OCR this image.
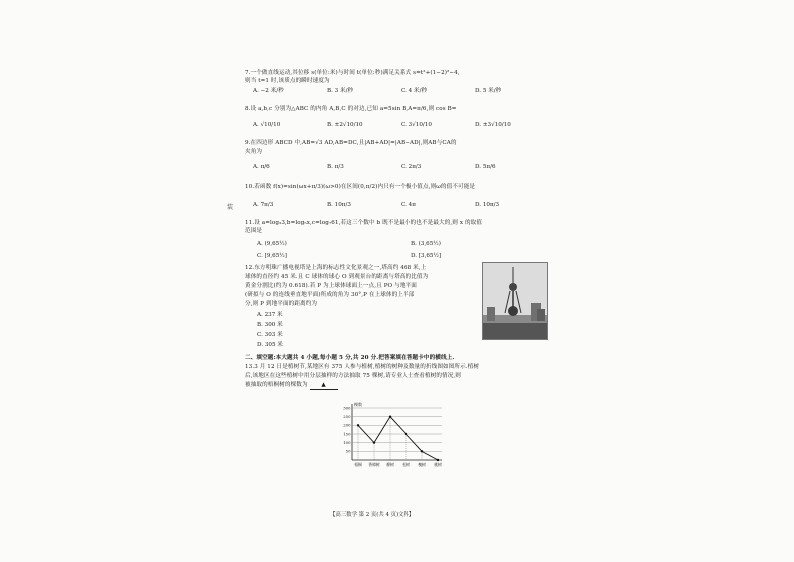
装
7.一个做直线运动,其位移 s(单位:米)与时间 t(单位:秒)满足关系式 s=t²+(1−2)²−4,
则当 t=1 时,该质点的瞬时速度为
A. −2 米/秒	B. 3 米/秒	C. 4 米/秒	D. 5 米/秒
8.设 a,b,c 分别为△ABC 的内角 A,B,C 的对边,已知 a=5sin B,A=π/6,则 cos B=
A. √10/10	B. ±2√10/10	C. 3√10/10	D. ±3√10/10
9.在四边形 ABCD 中,AB=√3 AD,AB=DC,且|AB+AD|=|AB−AD|,则AB与CA的
夹角为
A. π/6	B. π/3	C. 2π/3	D. 5π/6
10.若函数 f(x)=sin(ωx+π/3)(ω>0)在区间(0,π/2)内只有一个极小值点,则ω的值不可能是
A. 7π/3	B. 10π/3	C. 4π	D. 10π/3
11.设 a=log₃3,b=log₅x,c=log₇61,若这三个数中 b 既不是最小的也不是最大的,则 x 的取值
范围是
A. (9,65½)	B. (3,65½)
C. [9,65½]	D. [3,65½]
12.东方明珠广播电视塔是上海的标志性文化景观之一,塔高约 468 米,上
球体的直径约 45 米.且 C 球体的球心 O 到观景台的距离与塔高的比值为
黄金分割比(约为 0.618).若 P 为上球体球面上一点,且 PO 与地平面
(研拟与 O 的连线垂直地平面)所成的角为 30°,P 在上球体的上半部
分,则 P 到地平面的距离约为
A. 237 米
B. 300 米
C. 303 米
D. 305 米
二、填空题:本大题共 4 小题,每小题 5 分,共 20 分.把答案填在答题卡中的横线上.
13.3 月 12 日是植树节,某地区有 375 人参与植树,植树的树种及数量的折线图如图所示.植树
后,该地区在这些植树中用分层抽样的方法抽取 75 棵树,请专业人士查看植树的情况,则
被抽取的梧桐树的棵数为 ▲
棵数
50
100
150
200
250
300
梧桐 香樟树 柳树 松树 槐树 桃树
【高三数学 第 2 页(共 4 页)文科】
